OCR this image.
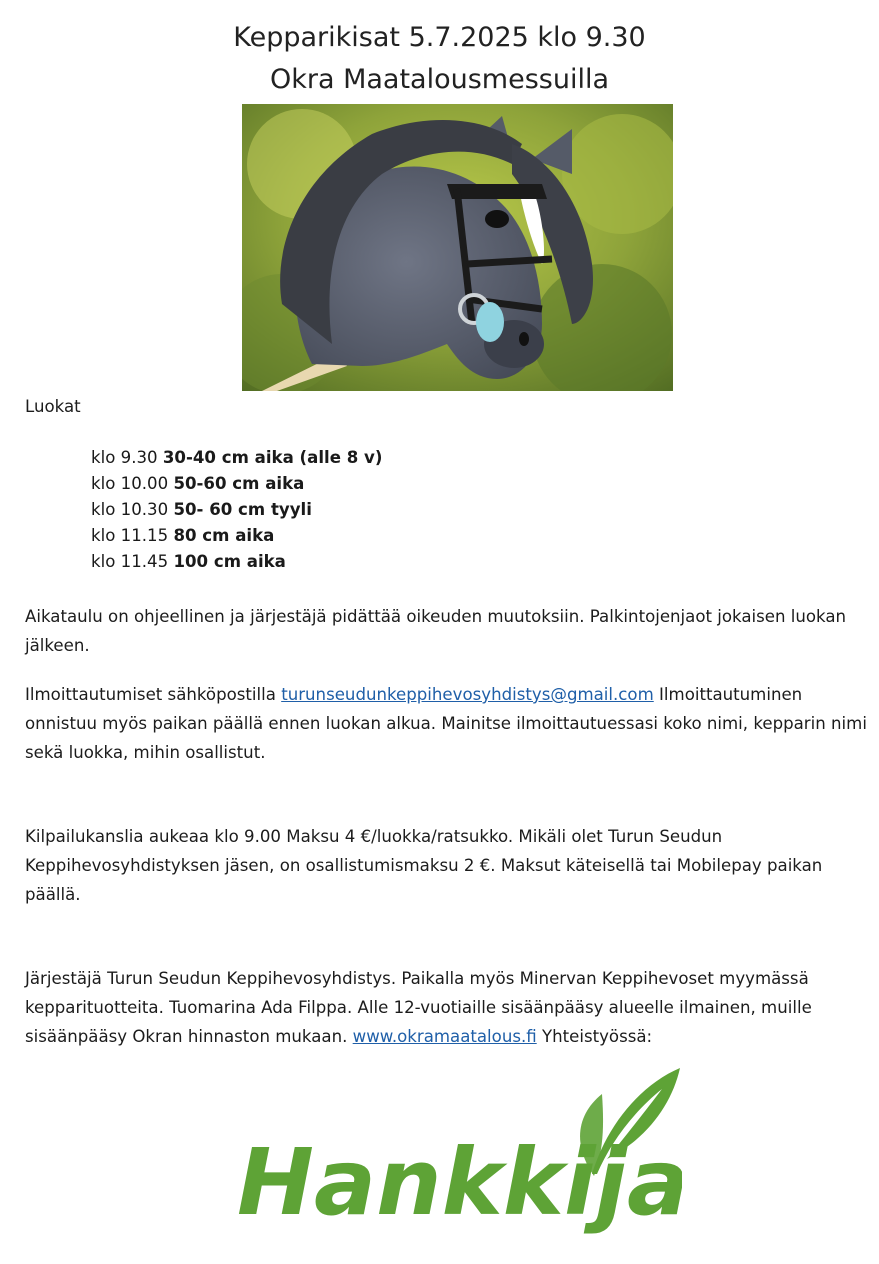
Kepparikisat 5.7.2025 klo 9.30
Okra Maatalousmessuilla
Luokat
klo 9.30 30-40 cm aika (alle 8 v)
klo 10.00 50-60 cm aika
klo 10.30 50- 60 cm tyyli
klo 11.15 80 cm aika
klo 11.45 100 cm aika
Aikataulu on ohjeellinen ja järjestäjä pidättää oikeuden muutoksiin. Palkintojenjaot jokaisen luokan jälkeen.
Ilmoittautumiset sähköpostilla turunseudunkeppihevosyhdistys@gmail.com Ilmoittautuminen onnistuu myös paikan päällä ennen luokan alkua. Mainitse ilmoittautuessasi koko nimi, kepparin nimi sekä luokka, mihin osallistut.
Kilpailukanslia aukeaa klo 9.00 Maksu 4 €/luokka/ratsukko. Mikäli olet Turun Seudun Keppihevosyhdistyksen jäsen, on osallistumismaksu 2 €. Maksut käteisellä tai Mobilepay paikan päällä.
Järjestäjä Turun Seudun Keppihevosyhdistys. Paikalla myös Minervan Keppihevoset myymässä kepparituotteita. Tuomarina Ada Filppa. Alle 12-vuotiaille sisäänpääsy alueelle ilmainen, muille sisäänpääsy Okran hinnaston mukaan. www.okramaatalous.fi Yhteistyössä:
Hankkija
